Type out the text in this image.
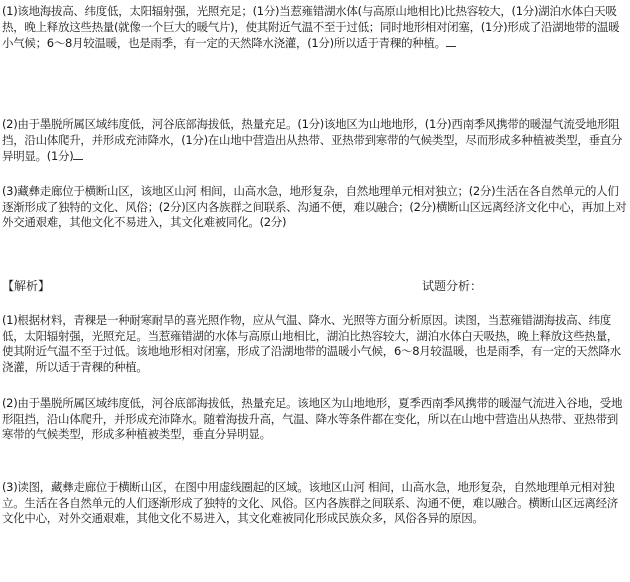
(1)该地海拔高、纬度低，太阳辐射强，光照充足；(1分)当惹雍错湖水体(与高原山地相比)比热容较大，(1分)湖泊水体白天吸热，晚上释放这些热量(就像一个巨大的暖气片)，使其附近气温不至于过低；同时地形相对闭塞，(1分)形成了沿湖地带的温暖小气候；6～8月较温暖，也是雨季，有一定的天然降水浇灌，(1分)所以适于青稞的种植。
(2)由于墨脱所属区域纬度低，河谷底部海拔低，热量充足。(1分)该地区为山地地形，(1分)西南季风携带的暖湿气流受地形阻挡，沿山体爬升，并形成充沛降水，(1分)在山地中营造出从热带、亚热带到寒带的气候类型，尽而形成多种植被类型，垂直分异明显。(1分)
(3)藏彝走廊位于横断山区，该地区山河 相间，山高水急，地形复杂，自然地理单元相对独立；(2分)生活在各自然单元的人们逐渐形成了独特的文化、风俗；(2分)区内各族群之间联系、沟通不便，难以融合；(2分)横断山区远离经济文化中心，再加上对外交通艰难，其他文化不易进入，其文化难被同化。(2分)
【解析】	试题分析：
(1)根据材料，青稞是一种耐寒耐旱的喜光照作物，应从气温、降水、光照等方面分析原因。读图，当惹雍错湖海拔高、纬度低，太阳辐射强，光照充足。当惹雍错湖的水体与高原山地相比，湖泊比热容较大，湖泊水体白天吸热，晚上释放这些热量，使其附近气温不至于过低。该地地形相对闭塞，形成了沿湖地带的温暖小气候，6～8月较温暖，也是雨季，有一定的天然降水浇灌，所以适于青稞的种植。
(2)由于墨脱所属区域纬度低，河谷底部海拔低，热量充足。该地区为山地地形，夏季西南季风携带的暖湿气流进入谷地，受地形阻挡，沿山体爬升，并形成充沛降水。随着海拔升高，气温、降水等条件都在变化，所以在山地中营造出从热带、亚热带到寒带的气候类型，形成多种植被类型，垂直分异明显。
(3)读图，藏彝走廊位于横断山区，在图中用虚线圈起的区域。该地区山河 相间，山高水急，地形复杂，自然地理单元相对独立。生活在各自然单元的人们逐渐形成了独特的文化、风俗。区内各族群之间联系、沟通不便，难以融合。横断山区远离经济文化中心，对外交通艰难，其他文化不易进入，其文化难被同化形成民族众多，风俗各异的原因。
